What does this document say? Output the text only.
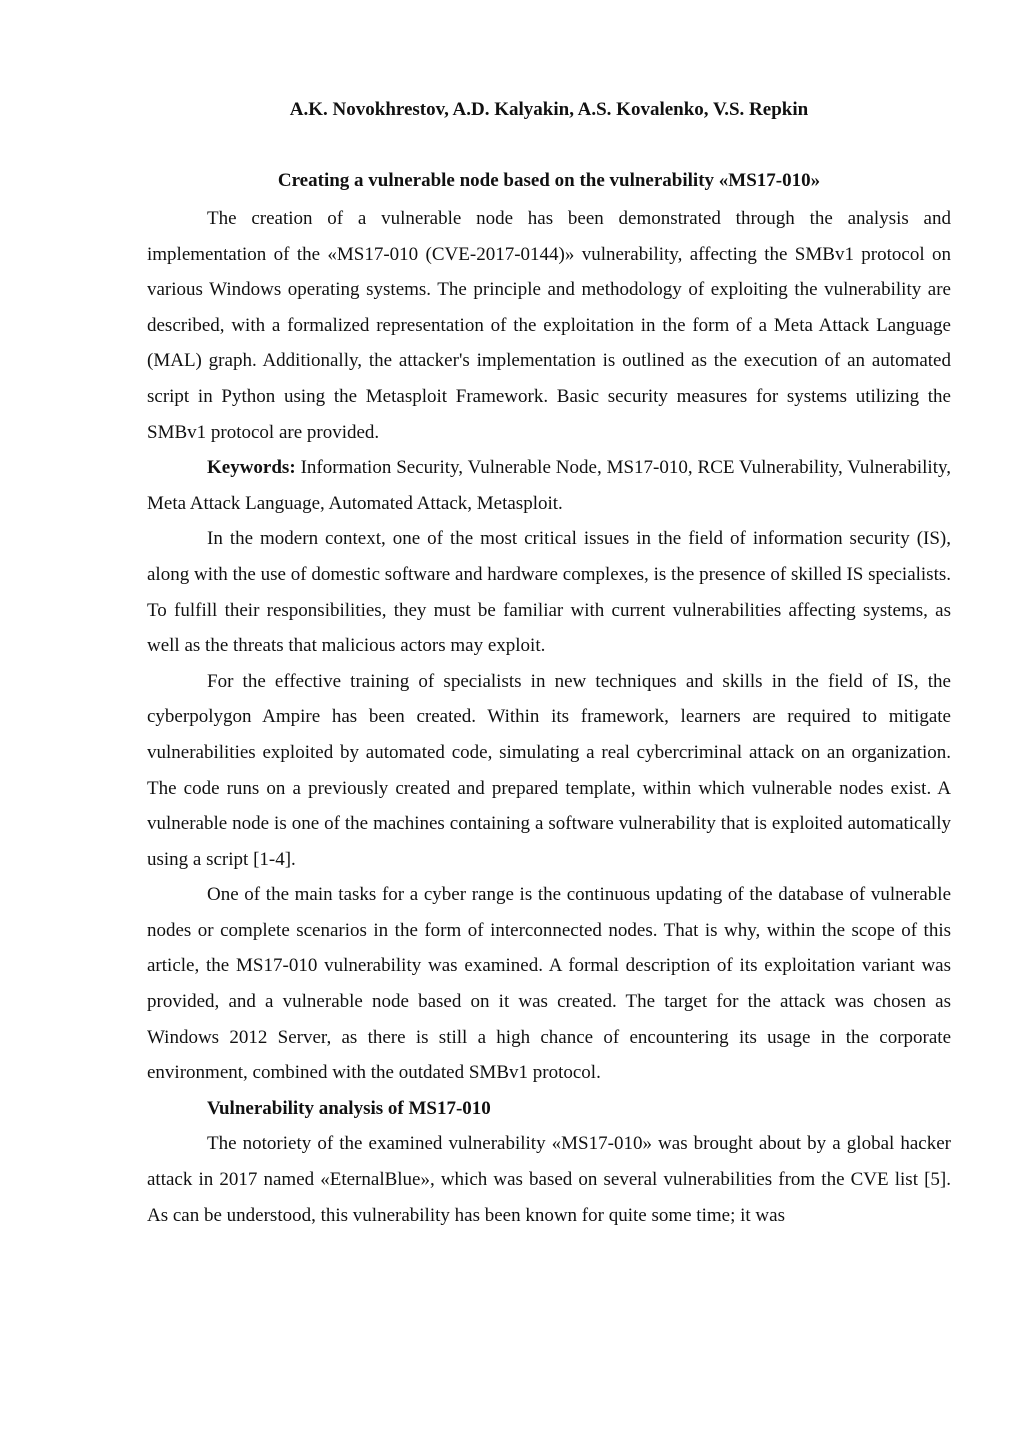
A.K. Novokhrestov, A.D. Kalyakin, A.S. Kovalenko, V.S. Repkin
Creating a vulnerable node based on the vulnerability «MS17-010»

The creation of a vulnerable node has been demonstrated through the analysis and implementation of the «MS17-010 (CVE-2017-0144)» vulnerability, affecting the SMBv1 protocol on various Windows operating systems. The principle and methodology of exploiting the vulnerability are described, with a formalized representation of the exploitation in the form of a Meta Attack Language (MAL) graph. Additionally, the attacker's implementation is outlined as the execution of an automated script in Python using the Metasploit Framework. Basic security measures for systems utilizing the SMBv1 protocol are provided.

Keywords: Information Security, Vulnerable Node, MS17-010, RCE Vulnerability, Vulnerability, Meta Attack Language, Automated Attack, Metasploit.

In the modern context, one of the most critical issues in the field of information security (IS), along with the use of domestic software and hardware complexes, is the presence of skilled IS specialists. To fulfill their responsibilities, they must be familiar with current vulnerabilities affecting systems, as well as the threats that malicious actors may exploit.

For the effective training of specialists in new techniques and skills in the field of IS, the cyberpolygon Ampire has been created. Within its framework, learners are required to mitigate vulnerabilities exploited by automated code, simulating a real cybercriminal attack on an organization. The code runs on a previously created and prepared template, within which vulnerable nodes exist. A vulnerable node is one of the machines containing a software vulnerability that is exploited automatically using a script [1-4].

One of the main tasks for a cyber range is the continuous updating of the database of vulnerable nodes or complete scenarios in the form of interconnected nodes. That is why, within the scope of this article, the MS17-010 vulnerability was examined. A formal description of its exploitation variant was provided, and a vulnerable node based on it was created. The target for the attack was chosen as Windows 2012 Server, as there is still a high chance of encountering its usage in the corporate environment, combined with the outdated SMBv1 protocol.

Vulnerability analysis of MS17-010

The notoriety of the examined vulnerability «MS17-010» was brought about by a global hacker attack in 2017 named «EternalBlue», which was based on several vulnerabilities from the CVE list [5]. As can be understood, this vulnerability has been known for quite some time; it was
